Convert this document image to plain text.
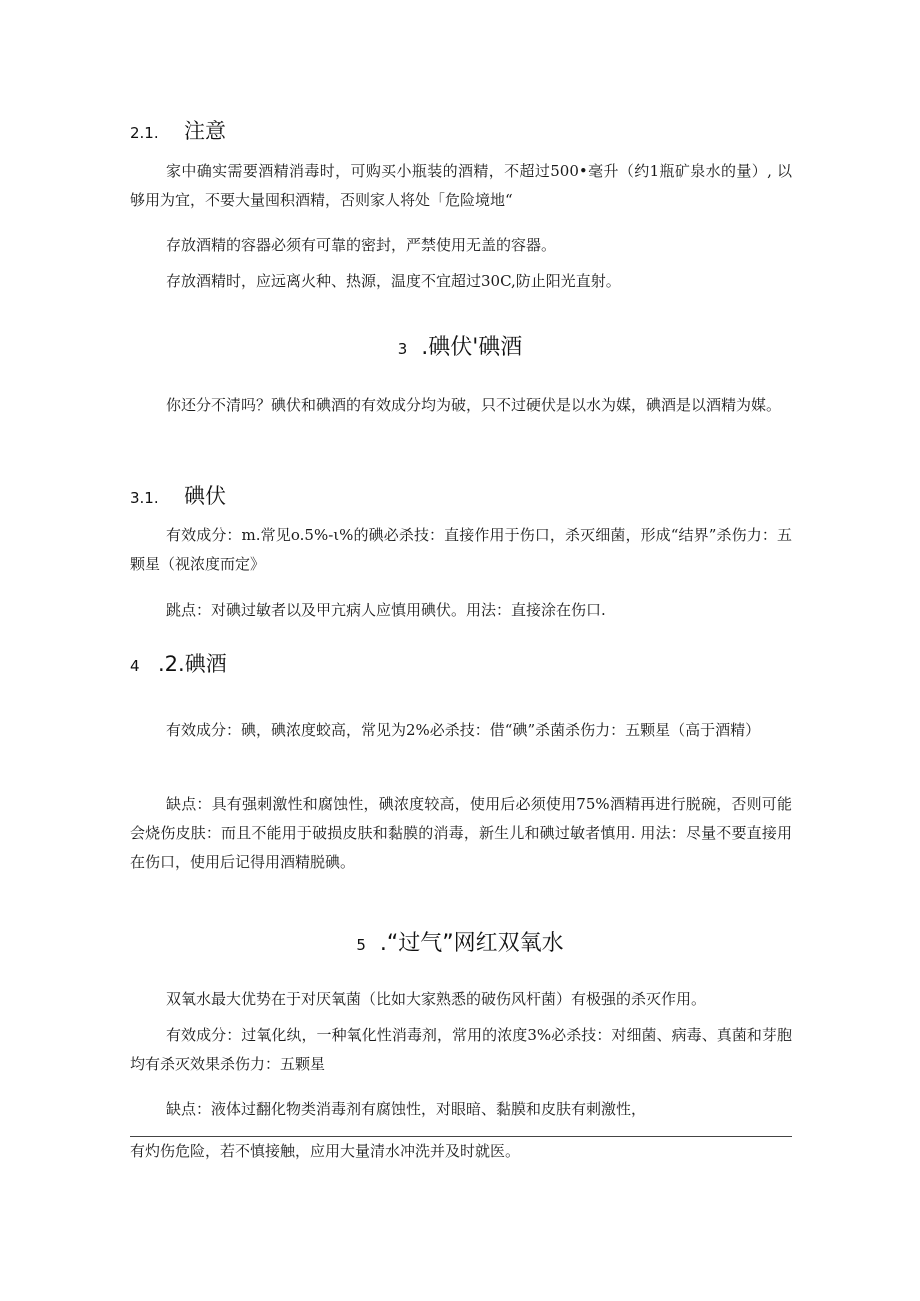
2.1. 注意

家中确实需要酒精消毒时，可购买小瓶装的酒精，不超过500•毫升（约1瓶矿泉水的量）, 以够用为宜，不要大量囤积酒精，否则家人将处「危险境地“

存放酒精的容器必须有可靠的密封，严禁使用无盖的容器。

存放酒精时，应远离火种、热源，温度不宜超过30C,防止阳光直射。

3 .碘伏'碘酒

你还分不清吗？碘伏和碘酒的有效成分均为破，只不过硬伏是以水为媒，碘酒是以酒精为媒。

3.1. 碘伏

有效成分：m.常见o.5%-ι%的碘必杀技：直接作用于伤口，杀灭细菌，形成“结界”杀伤力：五颗星（视浓度而定》

跳点：对碘过敏者以及甲亢病人应慎用碘伏。用法：直接涂在伤口.

4 .2.碘酒

有效成分：碘，碘浓度蛟高，常见为2%必杀技：借“碘”杀菌杀伤力：五颗星（高于酒精）

缺点：具有强刺激性和腐蚀性，碘浓度较高，使用后必须使用75%酒精再进行脱碗，否则可能会烧伤皮肤：而且不能用于破损皮肤和黏膜的消毒，新生儿和碘过敏者慎用. 用法：尽量不要直接用在伤口，使用后记得用酒精脱碘。

5 .“过气”网红双氧水

双氧水最大优势在于对厌氧菌（比如大家熟悉的破伤风杆菌）有极强的杀灭作用。

有效成分：过氧化纨，一种氧化性消毒剂，常用的浓度3%必杀技：对细菌、病毒、真菌和芽胞均有杀灭效果杀伤力：五颗星

缺点：液体过翻化物类消毒剂有腐蚀性，对眼暗、黏膜和皮肤有刺激性，

有灼伤危险，若不慎接触，应用大量清水冲洗并及时就医。
